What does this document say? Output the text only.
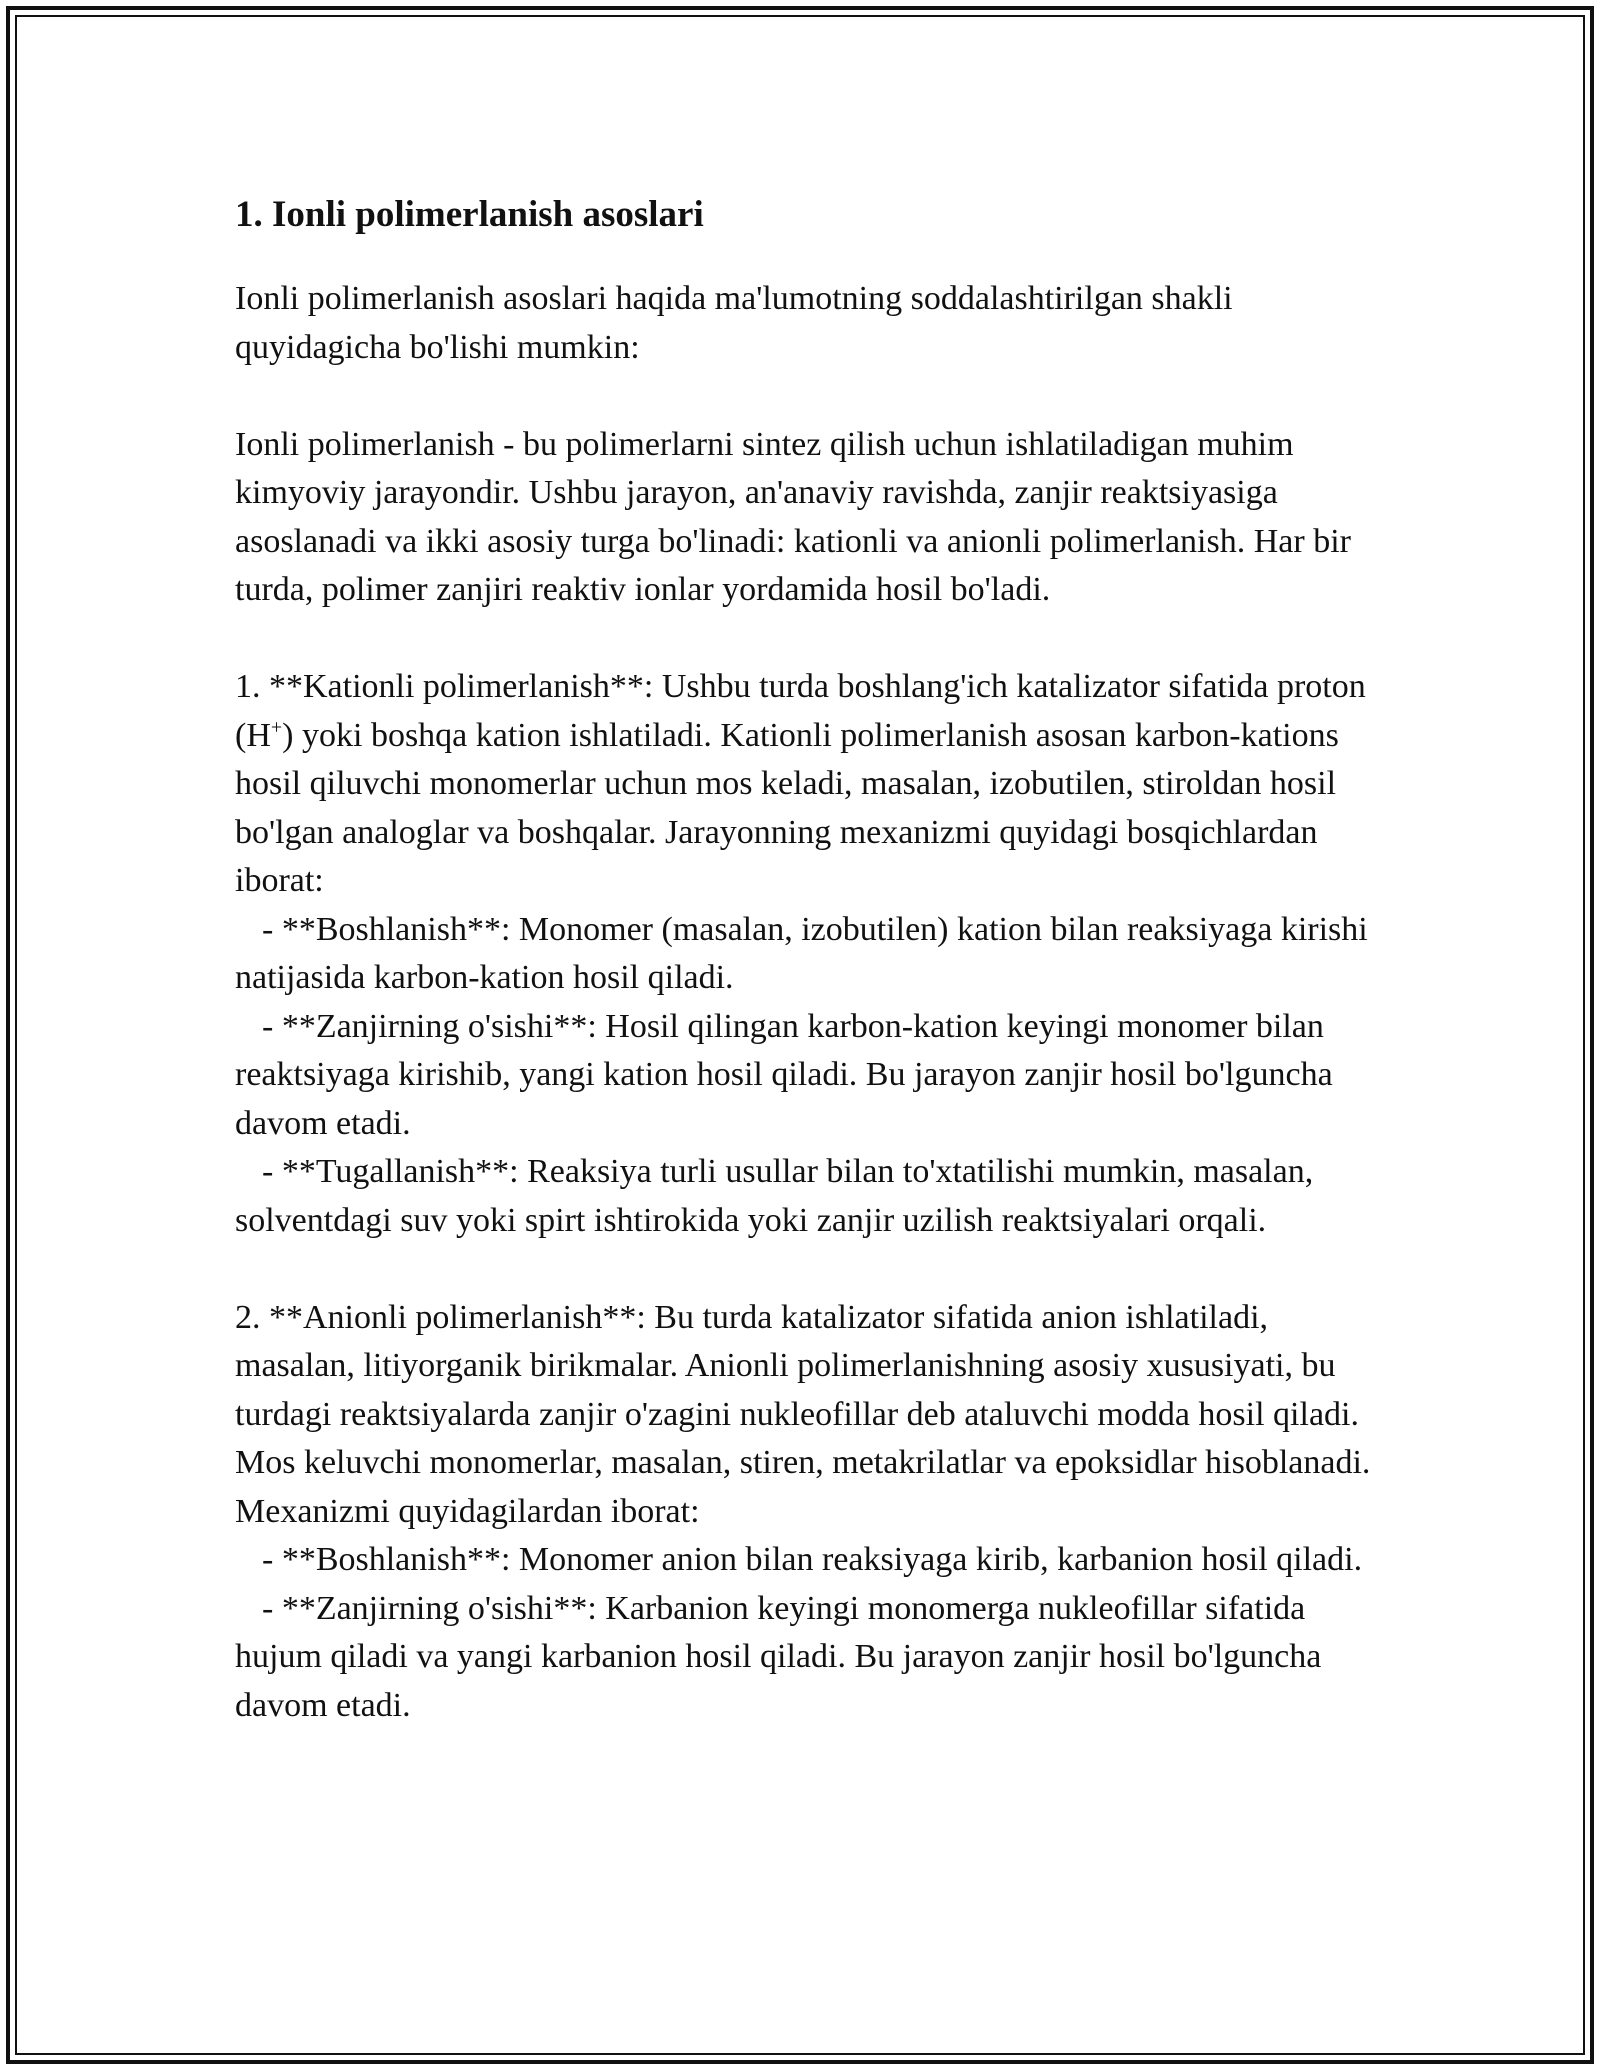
1. Ionli polimerlanish asoslari

Ionli polimerlanish asoslari haqida ma'lumotning soddalashtirilgan shakli quyidagicha bo'lishi mumkin:

Ionli polimerlanish - bu polimerlarni sintez qilish uchun ishlatiladigan muhim kimyoviy jarayondir. Ushbu jarayon, an'anaviy ravishda, zanjir reaktsiyasiga asoslanadi va ikki asosiy turga bo'linadi: kationli va anionli polimerlanish. Har bir turda, polimer zanjiri reaktiv ionlar yordamida hosil bo'ladi.

1. **Kationli polimerlanish**: Ushbu turda boshlang'ich katalizator sifatida proton (H+) yoki boshqa kation ishlatiladi. Kationli polimerlanish asosan karbon-kations hosil qiluvchi monomerlar uchun mos keladi, masalan, izobutilen, stiroldan hosil bo'lgan analoglar va boshqalar. Jarayonning mexanizmi quyidagi bosqichlardan iborat:

- **Boshlanish**: Monomer (masalan, izobutilen) kation bilan reaksiyaga kirishi natijasida karbon-kation hosil qiladi.

- **Zanjirning o'sishi**: Hosil qilingan karbon-kation keyingi monomer bilan reaktsiyaga kirishib, yangi kation hosil qiladi. Bu jarayon zanjir hosil bo'lguncha davom etadi.

- **Tugallanish**: Reaksiya turli usullar bilan to'xtatilishi mumkin, masalan, solventdagi suv yoki spirt ishtirokida yoki zanjir uzilish reaktsiyalari orqali.

2. **Anionli polimerlanish**: Bu turda katalizator sifatida anion ishlatiladi, masalan, litiyorganik birikmalar. Anionli polimerlanishning asosiy xususiyati, bu turdagi reaktsiyalarda zanjir o'zagini nukleofillar deb ataluvchi modda hosil qiladi. Mos keluvchi monomerlar, masalan, stiren, metakrilatlar va epoksidlar hisoblanadi. Mexanizmi quyidagilardan iborat:

- **Boshlanish**: Monomer anion bilan reaksiyaga kirib, karbanion hosil qiladi.

- **Zanjirning o'sishi**: Karbanion keyingi monomerga nukleofillar sifatida hujum qiladi va yangi karbanion hosil qiladi. Bu jarayon zanjir hosil bo'lguncha davom etadi.
